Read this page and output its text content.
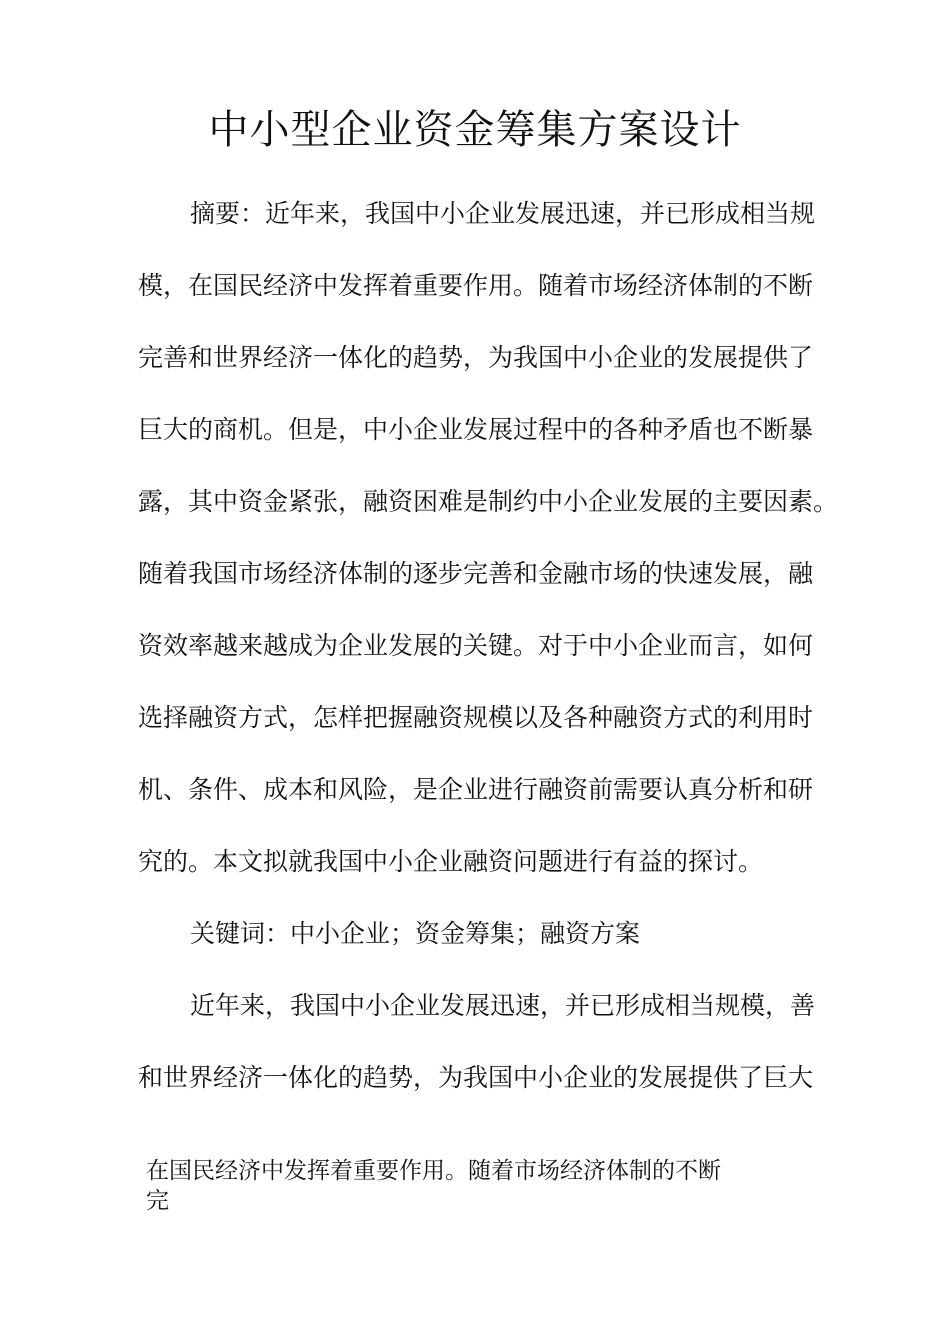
中小型企业资金筹集方案设计

摘要：近年来，我国中小企业发展迅速，并已形成相当规

模，在国民经济中发挥着重要作用。随着市场经济体制的不断

完善和世界经济一体化的趋势，为我国中小企业的发展提供了

巨大的商机。但是，中小企业发展过程中的各种矛盾也不断暴

露，其中资金紧张，融资困难是制约中小企业发展的主要因素。

随着我国市场经济体制的逐步完善和金融市场的快速发展，融

资效率越来越成为企业发展的关键。对于中小企业而言，如何

选择融资方式，怎样把握融资规模以及各种融资方式的利用时

机、条件、成本和风险，是企业进行融资前需要认真分析和研

究的。本文拟就我国中小企业融资问题进行有益的探讨。

关键词：中小企业；资金筹集；融资方案

近年来，我国中小企业发展迅速，并已形成相当规模，善

和世界经济一体化的趋势，为我国中小企业的发展提供了巨大

在国民经济中发挥着重要作用。随着市场经济体制的不断

完
